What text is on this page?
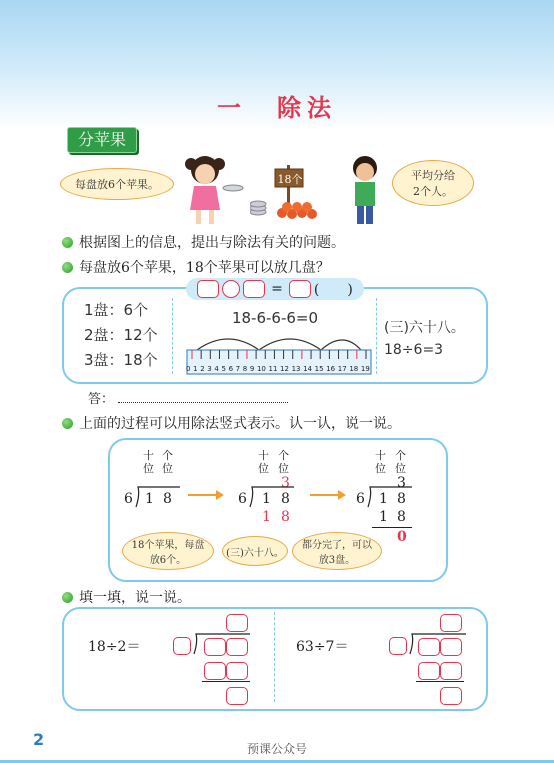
一　除法
分苹果
每盘放6个苹果。	18个	平均分给
2个人。
根据图上的信息，提出与除法有关的问题。
每盘放6个苹果，18个苹果可以放几盘？
= (　　)
1盘：6个
2盘：12个
3盘：18个
18-6-6-6=0
0 1 2 3 4 5 6 7 8 9 10 11 12 13 14 15 16 17 18 19
(三)六十八。
18÷6=3
答：
上面的过程可以用除法竖式表示。认一认，说一说。
十 个
位 位
6 1 8
十 个
位 位
3
6 1 8
1 8
十 个
位 位
3
6 1 8
1 8
0
18个苹果，每盘放6个。
(三)六十八。
都分完了，可以放3盘。
填一填，说一说。
18÷2＝	63÷7＝
2	预课公众号
